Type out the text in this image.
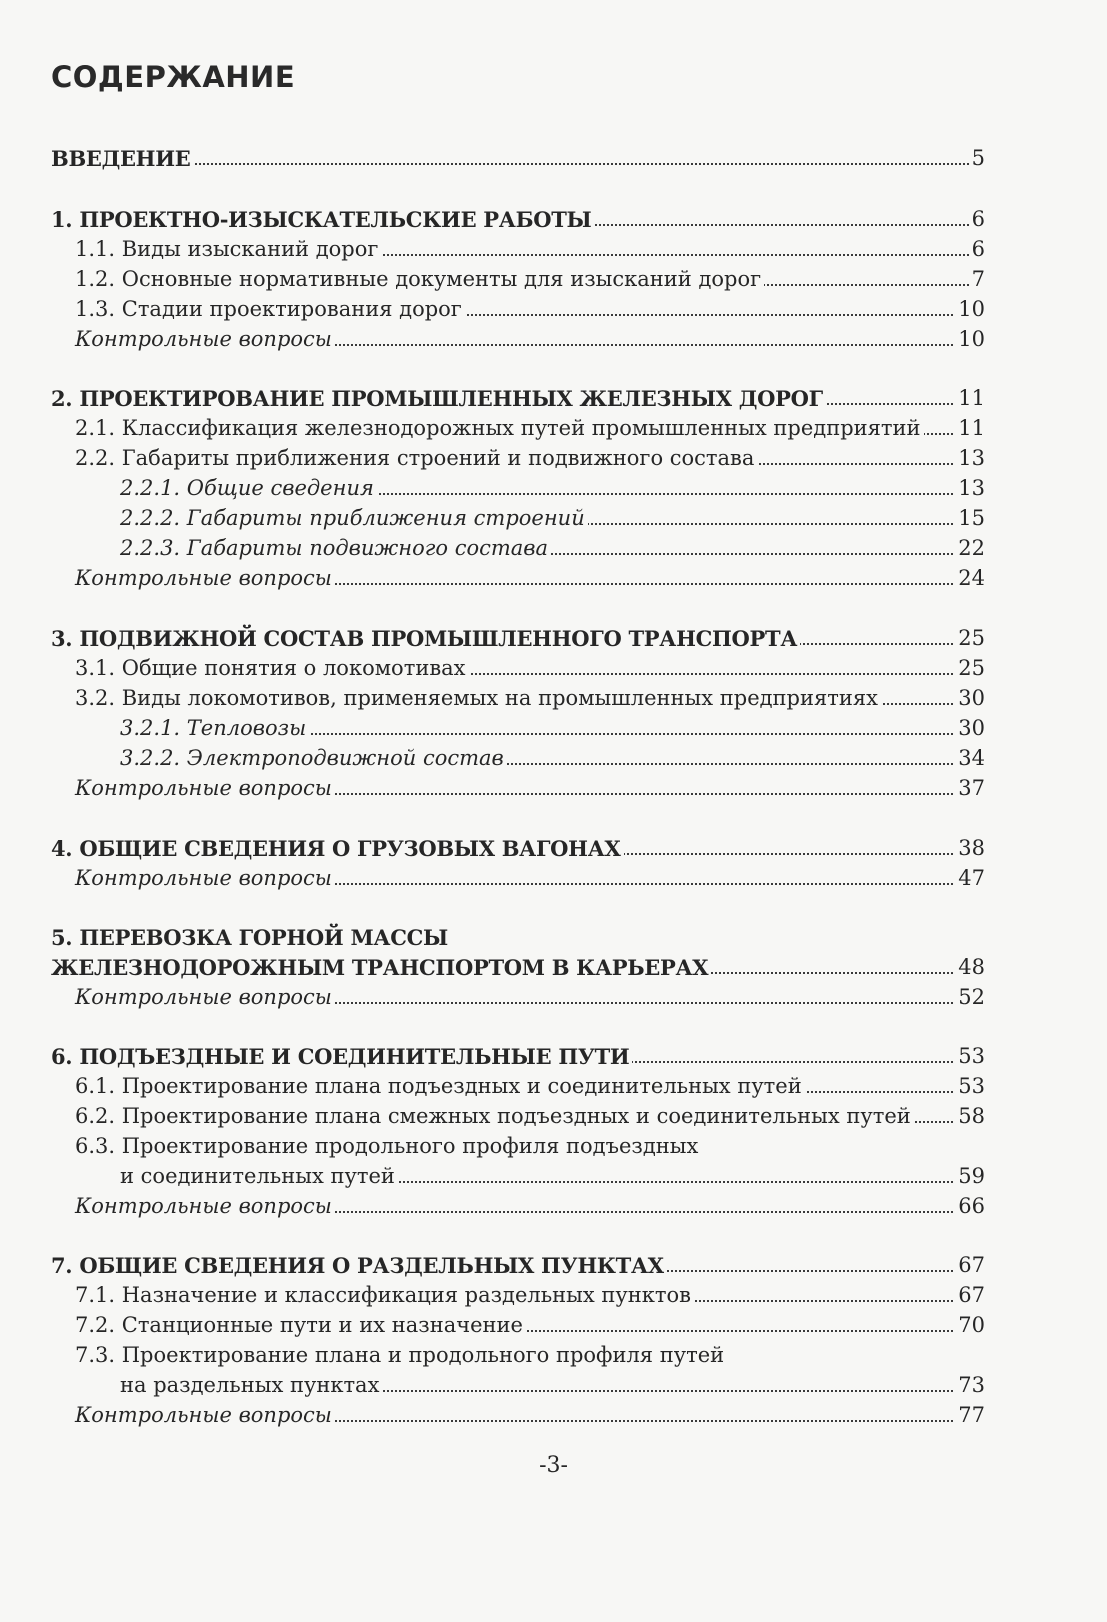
СОДЕРЖАНИЕ
ВВЕДЕНИЕ	5
1. ПРОЕКТНО-ИЗЫСКАТЕЛЬСКИЕ РАБОТЫ	6
1.1. Виды изысканий дорог	6
1.2. Основные нормативные документы для изысканий дорог	7
1.3. Стадии проектирования дорог	10
Контрольные вопросы	10
2. ПРОЕКТИРОВАНИЕ ПРОМЫШЛЕННЫХ ЖЕЛЕЗНЫХ ДОРОГ	11
2.1. Классификация железнодорожных путей промышленных предприятий 11
2.2. Габариты приближения строений и подвижного состава	13
2.2.1. Общие сведения	13
2.2.2. Габариты приближения строений	15
2.2.3. Габариты подвижного состава	22
Контрольные вопросы	24
3. ПОДВИЖНОЙ СОСТАВ ПРОМЫШЛЕННОГО ТРАНСПОРТА	25
3.1. Общие понятия о локомотивах	25
3.2. Виды локомотивов, применяемых на промышленных предприятиях	30
3.2.1. Тепловозы	30
3.2.2. Электроподвижной состав	34
Контрольные вопросы	37
4. ОБЩИЕ СВЕДЕНИЯ О ГРУЗОВЫХ ВАГОНАХ	38
Контрольные вопросы	47
5. ПЕРЕВОЗКА ГОРНОЙ МАССЫ
ЖЕЛЕЗНОДОРОЖНЫМ ТРАНСПОРТОМ В КАРЬЕРАХ	48
Контрольные вопросы	52
6. ПОДЪЕЗДНЫЕ И СОЕДИНИТЕЛЬНЫЕ ПУТИ	53
6.1. Проектирование плана подъездных и соединительных путей	53
6.2. Проектирование плана смежных подъездных и соединительных путей 58
6.3. Проектирование продольного профиля подъездных
и соединительных путей	59
Контрольные вопросы	66
7. ОБЩИЕ СВЕДЕНИЯ О РАЗДЕЛЬНЫХ ПУНКТАХ	67
7.1. Назначение и классификация раздельных пунктов	67
7.2. Станционные пути и их назначение	70
7.3. Проектирование плана и продольного профиля путей
на раздельных пунктах	73
Контрольные вопросы	77
-3-
